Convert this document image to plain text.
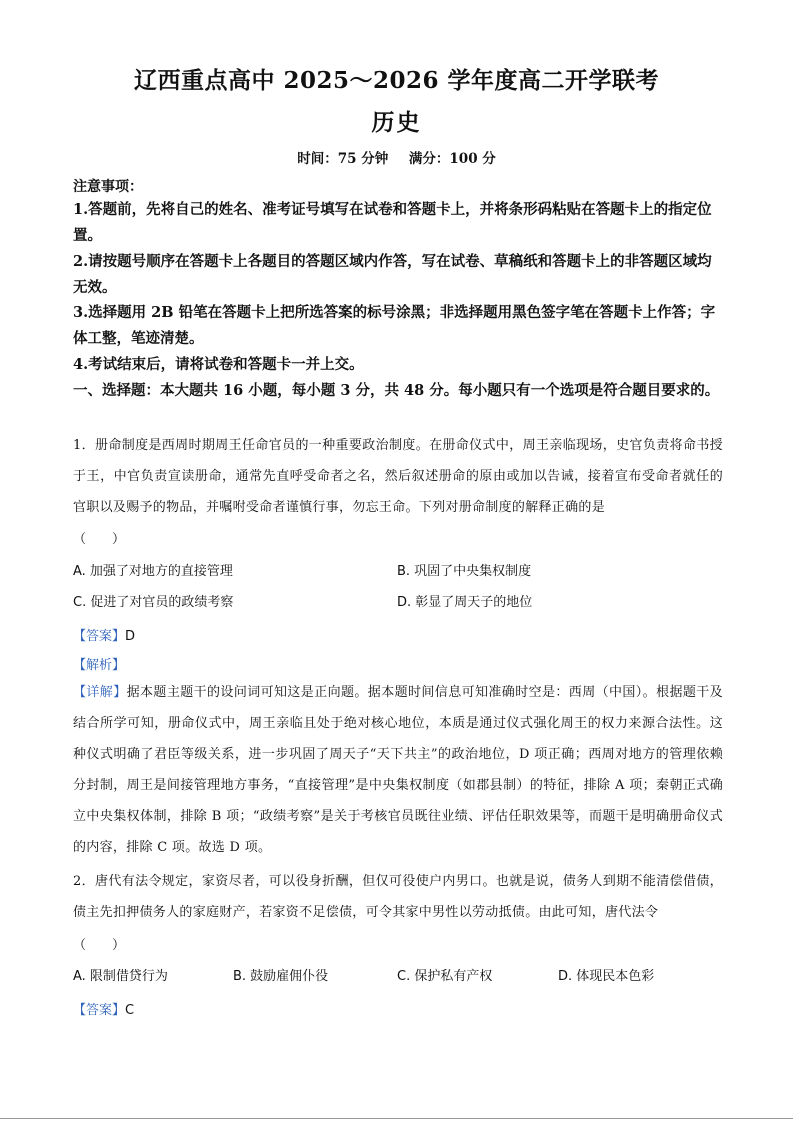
辽西重点高中 2025～2026 学年度高二开学联考
历史
时间：75 分钟 满分：100 分
注意事项：
1.答题前，先将自己的姓名、准考证号填写在试卷和答题卡上，并将条形码粘贴在答题卡上的指定位置。
2.请按题号顺序在答题卡上各题目的答题区域内作答，写在试卷、草稿纸和答题卡上的非答题区域均无效。
3.选择题用 2B 铅笔在答题卡上把所选答案的标号涂黑；非选择题用黑色签字笔在答题卡上作答；字体工整，笔迹清楚。
4.考试结束后，请将试卷和答题卡一并上交。
一、选择题：本大题共 16 小题，每小题 3 分，共 48 分。每小题只有一个选项是符合题目要求的。
1．册命制度是西周时期周王任命官员的一种重要政治制度。在册命仪式中，周王亲临现场，史官负责将命书授于王，中官负责宣读册命，通常先直呼受命者之名，然后叙述册命的原由或加以告诫，接着宣布受命者就任的官职以及赐予的物品，并嘱咐受命者谨慎行事，勿忘王命。下列对册命制度的解释正确的是
（　　）
A. 加强了对地方的直接管理	B. 巩固了中央集权制度
C. 促进了对官员的政绩考察	D. 彰显了周天子的地位
【答案】D
【解析】
【详解】据本题主题干的设问词可知这是正向题。据本题时间信息可知准确时空是：西周（中国）。根据题干及结合所学可知，册命仪式中，周王亲临且处于绝对核心地位，本质是通过仪式强化周王的权力来源合法性。这种仪式明确了君臣等级关系，进一步巩固了周天子“天下共主”的政治地位，D 项正确；西周对地方的管理依赖分封制，周王是间接管理地方事务，“直接管理”是中央集权制度（如郡县制）的特征，排除 A 项；秦朝正式确立中央集权体制，排除 B 项；“政绩考察”是关于考核官员既往业绩、评估任职效果等，而题干是明确册命仪式的内容，排除 C 项。故选 D 项。
2．唐代有法令规定，家资尽者，可以役身折酬，但仅可役使户内男口。也就是说，债务人到期不能清偿借债，债主先扣押债务人的家庭财产，若家资不足偿债，可令其家中男性以劳动抵债。由此可知，唐代法令
（　　）
A. 限制借贷行为	B. 鼓励雇佣仆役	C. 保护私有产权	D. 体现民本色彩
【答案】C
